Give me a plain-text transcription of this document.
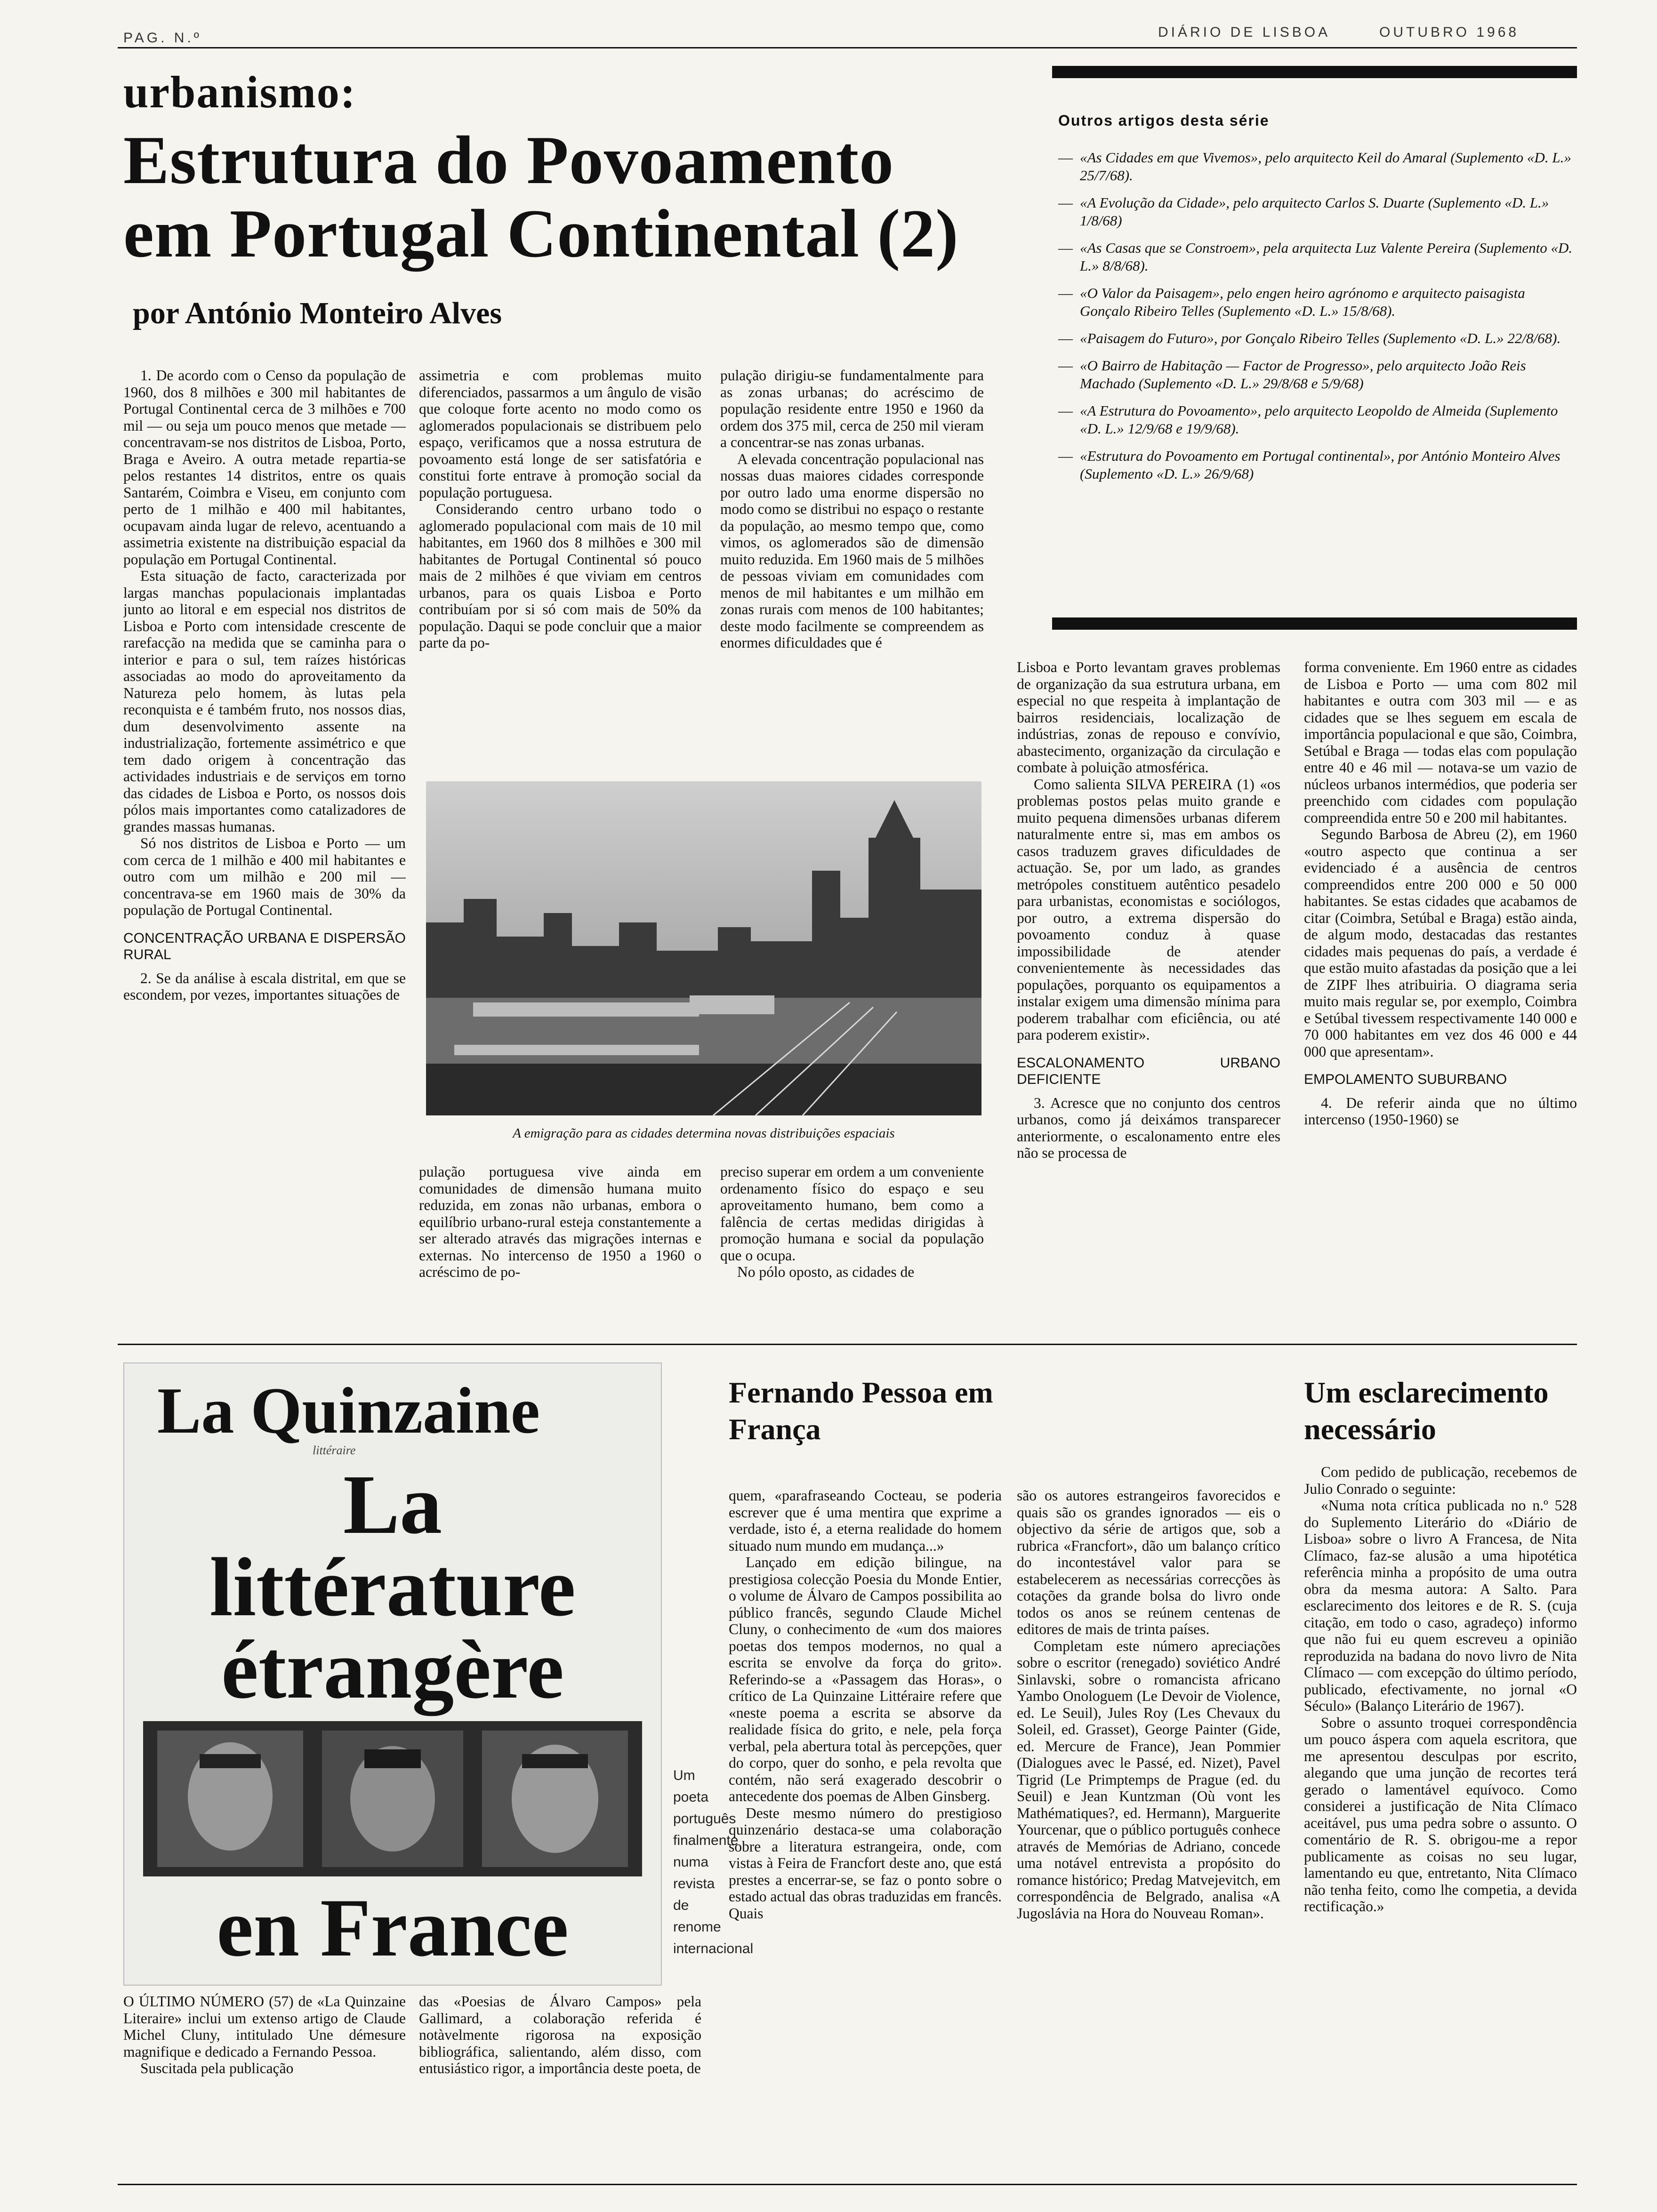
PAG. N.º	DIÁRIO DE LISBOA	OUTUBRO 1968
urbanismo:
Estrutura do Povoamento
em Portugal Continental (2)
por António Monteiro Alves
Outros artigos desta série
— «As Cidades em que Vivemos», pelo arquitecto Keil do Amaral (Suplemento «D. L.» 25/7/68).
— «A Evolução da Cidade», pelo arquitecto Carlos S. Duarte (Suplemento «D. L.» 1/8/68)
— «As Casas que se Constroem», pela arquitecta Luz Valente Pereira (Suplemento «D. L.» 8/8/68).
— «O Valor da Paisagem», pelo engen heiro agrónomo e arquitecto paisagista Gonçalo Ribeiro Telles (Suplemento «D. L.» 15/8/68).
— «Paisagem do Futuro», por Gonçalo Ribeiro Telles (Suplemento «D. L.» 22/8/68).
— «O Bairro de Habitação — Factor de Progresso», pelo arquitecto João Reis Machado (Suplemento «D. L.» 29/8/68 e 5/9/68)
— «A Estrutura do Povoamento», pelo arquitecto Leopoldo de Almeida (Suplemento «D. L.» 12/9/68 e 19/9/68).
— «Estrutura do Povoamento em Portugal continental», por António Monteiro Alves (Suplemento «D. L.» 26/9/68)

1. De acordo com o Censo da população de 1960, dos 8 milhões e 300 mil habitantes de Portugal Continental cerca de 3 milhões e 700 mil — ou seja um pouco menos que metade — concentravam-se nos distritos de Lisboa, Porto, Braga e Aveiro. A outra metade repartia-se pelos restantes 14 distritos, entre os quais Santarém, Coimbra e Viseu, em conjunto com perto de 1 milhão e 400 mil habitantes, ocupavam ainda lugar de relevo, acentuando a assimetria existente na distribuição espacial da população em Portugal Continental.

Esta situação de facto, caracterizada por largas manchas populacionais implantadas junto ao litoral e em especial nos distritos de Lisboa e Porto com intensidade crescente de rarefacção na medida que se caminha para o interior e para o sul, tem raízes históricas associadas ao modo do aproveitamento da Natureza pelo homem, às lutas pela reconquista e é também fruto, nos nossos dias, dum desenvolvimento assente na industrialização, fortemente assimétrico e que tem dado origem à concentração das actividades industriais e de serviços em torno das cidades de Lisboa e Porto, os nossos dois pólos mais importantes como catalizadores de grandes massas humanas.

Só nos distritos de Lisboa e Porto — um com cerca de 1 milhão e 400 mil habitantes e outro com um milhão e 200 mil — concentrava-se em 1960 mais de 30% da população de Portugal Continental.

CONCENTRAÇÃO URBANA E DISPERSÃO RURAL

2. Se da análise à escala distrital, em que se escondem, por vezes, importantes situações de

assimetria e com problemas muito diferenciados, passarmos a um ângulo de visão que coloque forte acento no modo como os aglomerados populacionais se distribuem pelo espaço, verificamos que a nossa estrutura de povoamento está longe de ser satisfatória e constitui forte entrave à promoção social da população portuguesa.

Considerando centro urbano todo o aglomerado populacional com mais de 10 mil habitantes, em 1960 dos 8 milhões e 300 mil habitantes de Portugal Continental só pouco mais de 2 milhões é que viviam em centros urbanos, para os quais Lisboa e Porto contribuíam por si só com mais de 50% da população. Daqui se pode concluir que a maior parte da po-

pulação dirigiu-se fundamentalmente para as zonas urbanas; do acréscimo de população residente entre 1950 e 1960 da ordem dos 375 mil, cerca de 250 mil vieram a concentrar-se nas zonas urbanas.

A elevada concentração populacional nas nossas duas maiores cidades corresponde por outro lado uma enorme dispersão no modo como se distribui no espaço o restante da população, ao mesmo tempo que, como vimos, os aglomerados são de dimensão muito reduzida. Em 1960 mais de 5 milhões de pessoas viviam em comunidades com menos de mil habitantes e um milhão em zonas rurais com menos de 100 habitantes; deste modo facilmente se compreendem as enormes dificuldades que é

A emigração para as cidades determina novas distribuições espaciais

pulação portuguesa vive ainda em comunidades de dimensão humana muito reduzida, em zonas não urbanas, embora o equilíbrio urbano-rural esteja constantemente a ser alterado através das migrações internas e externas. No intercenso de 1950 a 1960 o acréscimo de po-

preciso superar em ordem a um conveniente ordenamento físico do espaço e seu aproveitamento humano, bem como a falência de certas medidas dirigidas à promoção humana e social da população que o ocupa.

No pólo oposto, as cidades de

Lisboa e Porto levantam graves problemas de organização da sua estrutura urbana, em especial no que respeita à implantação de bairros residenciais, localização de indústrias, zonas de repouso e convívio, abastecimento, organização da circulação e combate à poluição atmosférica.

Como salienta SILVA PEREIRA (1) «os problemas postos pelas muito grande e muito pequena dimensões urbanas diferem naturalmente entre si, mas em ambos os casos traduzem graves dificuldades de actuação. Se, por um lado, as grandes metrópoles constituem autêntico pesadelo para urbanistas, economistas e sociólogos, por outro, a extrema dispersão do povoamento conduz à quase impossibilidade de atender convenientemente às necessidades das populações, porquanto os equipamentos a instalar exigem uma dimensão mínima para poderem trabalhar com eficiência, ou até para poderem existir».

ESCALONAMENTO URBANO DEFICIENTE

3. Acresce que no conjunto dos centros urbanos, como já deixámos transparecer anteriormente, o escalonamento entre eles não se processa de

forma conveniente. Em 1960 entre as cidades de Lisboa e Porto — uma com 802 mil habitantes e outra com 303 mil — e as cidades que se lhes seguem em escala de importância populacional e que são, Coimbra, Setúbal e Braga — todas elas com população entre 40 e 46 mil — notava-se um vazio de núcleos urbanos intermédios, que poderia ser preenchido com cidades com população compreendida entre 50 e 200 mil habitantes.

Segundo Barbosa de Abreu (2), em 1960 «outro aspecto que continua a ser evidenciado é a ausência de centros compreendidos entre 200 000 e 50 000 habitantes. Se estas cidades que acabamos de citar (Coimbra, Setúbal e Braga) estão ainda, de algum modo, destacadas das restantes cidades mais pequenas do país, a verdade é que estão muito afastadas da posição que a lei de ZIPF lhes atribuiria. O diagrama seria muito mais regular se, por exemplo, Coimbra e Setúbal tivessem respectivamente 140 000 e 70 000 habitantes em vez dos 46 000 e 44 000 que apresentam».

EMPOLAMENTO SUBURBANO

4. De referir ainda que no último intercenso (1950-1960) se

La Quinzaine
littéraire
La
littérature
étrangère
en France
Um poeta português finalmente numa revista de renome internacional

O ÚLTIMO NÚMERO (57) de «La Quinzaine Literaire» inclui um extenso artigo de Claude Michel Cluny, intitulado Une démesure magnifique e dedicado a Fernando Pessoa.

Suscitada pela publicação

das «Poesias de Álvaro Campos» pela Gallimard, a colaboração referida é notàvelmente rigorosa na exposição bibliográfica, salientando, além disso, com entusiástico rigor, a importância deste poeta, de

Fernando Pessoa em França

quem, «parafraseando Cocteau, se poderia escrever que é uma mentira que exprime a verdade, isto é, a eterna realidade do homem situado num mundo em mudança...»

Lançado em edição bilingue, na prestigiosa colecção Poesia du Monde Entier, o volume de Álvaro de Campos possibilita ao público francês, segundo Claude Michel Cluny, o conhecimento de «um dos maiores poetas dos tempos modernos, no qual a escrita se envolve da força do grito». Referindo-se a «Passagem das Horas», o crítico de La Quinzaine Littéraire refere que «neste poema a escrita se absorve da realidade física do grito, e nele, pela força verbal, pela abertura total às percepções, quer do corpo, quer do sonho, e pela revolta que contém, não será exagerado descobrir o antecedente dos poemas de Alben Ginsberg.

Deste mesmo número do prestigioso quinzenário destaca-se uma colaboração sobre a literatura estrangeira, onde, com vistas à Feira de Francfort deste ano, que está prestes a encerrar-se, se faz o ponto sobre o estado actual das obras traduzidas em francês. Quais

são os autores estrangeiros favorecidos e quais são os grandes ignorados — eis o objectivo da série de artigos que, sob a rubrica «Francfort», dão um balanço crítico do incontestável valor para se estabelecerem as necessárias correcções às cotações da grande bolsa do livro onde todos os anos se reúnem centenas de editores de mais de trinta países.

Completam este número apreciações sobre o escritor (renegado) soviético André Sinlavski, sobre o romancista africano Yambo Onologuem (Le Devoir de Violence, ed. Le Seuil), Jules Roy (Les Chevaux du Soleil, ed. Grasset), George Painter (Gide, ed. Mercure de France), Jean Pommier (Dialogues avec le Passé, ed. Nizet), Pavel Tigrid (Le Primptemps de Prague (ed. du Seuil) e Jean Kuntzman (Où vont les Mathématiques?, ed. Hermann), Marguerite Yourcenar, que o público português conhece através de Memórias de Adriano, concede uma notável entrevista a propósito do romance histórico; Predag Matvejevitch, em correspondência de Belgrado, analisa «A Jugoslávia na Hora do Nouveau Roman».

Um esclarecimento necessário

Com pedido de publicação, recebemos de Julio Conrado o seguinte:

«Numa nota crítica publicada no n.º 528 do Suplemento Literário do «Diário de Lisboa» sobre o livro A Francesa, de Nita Clímaco, faz-se alusão a uma hipotética referência minha a propósito de uma outra obra da mesma autora: A Salto. Para esclarecimento dos leitores e de R. S. (cuja citação, em todo o caso, agradeço) informo que não fui eu quem escreveu a opinião reproduzida na badana do novo livro de Nita Clímaco — com excepção do último período, publicado, efectivamente, no jornal «O Século» (Balanço Literário de 1967).

Sobre o assunto troquei correspondência um pouco áspera com aquela escritora, que me apresentou desculpas por escrito, alegando que uma junção de recortes terá gerado o lamentável equívoco. Como considerei a justificação de Nita Clímaco aceitável, pus uma pedra sobre o assunto. O comentário de R. S. obrigou-me a repor publicamente as coisas no seu lugar, lamentando eu que, entretanto, Nita Clímaco não tenha feito, como lhe competia, a devida rectificação.»
